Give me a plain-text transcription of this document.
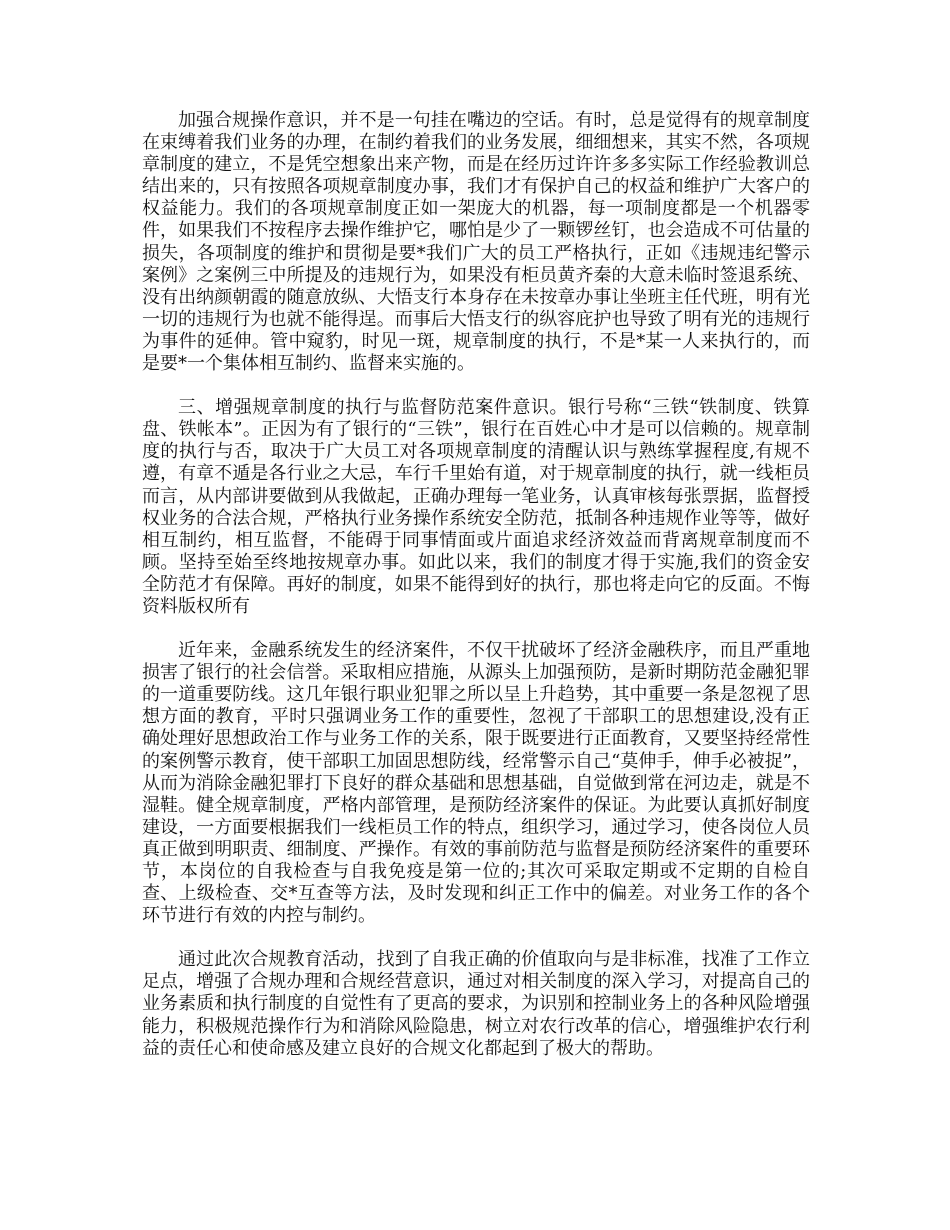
加强合规操作意识，并不是一句挂在嘴边的空话。有时，总是觉得有的规章制度在束缚着我们业务的办理，在制约着我们的业务发展，细细想来，其实不然，各项规章制度的建立，不是凭空想象出来产物，而是在经历过许许多多实际工作经验教训总结出来的，只有按照各项规章制度办事，我们才有保护自己的权益和维护广大客户的权益能力。我们的各项规章制度正如一架庞大的机器，每一项制度都是一个机器零件，如果我们不按程序去操作维护它，哪怕是少了一颗锣丝钉，也会造成不可估量的损失，各项制度的维护和贯彻是要*我们广大的员工严格执行，正如《违规违纪警示案例》之案例三中所提及的违规行为，如果没有柜员黄齐秦的大意未临时签退系统、没有出纳颜朝霞的随意放纵、大悟支行本身存在未按章办事让坐班主任代班，明有光一切的违规行为也就不能得逞。而事后大悟支行的纵容庇护也导致了明有光的违规行为事件的延伸。管中窥豹，时见一斑，规章制度的执行，不是*某一人来执行的，而是要*一个集体相互制约、监督来实施的。

三、增强规章制度的执行与监督防范案件意识。银行号称“三铁“铁制度、铁算盘、铁帐本”。正因为有了银行的“三铁”，银行在百姓心中才是可以信赖的。规章制度的执行与否，取决于广大员工对各项规章制度的清醒认识与熟练掌握程度,有规不遵，有章不遁是各行业之大忌，车行千里始有道，对于规章制度的执行，就一线柜员而言，从内部讲要做到从我做起，正确办理每一笔业务，认真审核每张票据，监督授权业务的合法合规，严格执行业务操作系统安全防范，抵制各种违规作业等等，做好相互制约，相互监督，不能碍于同事情面或片面追求经济效益而背离规章制度而不顾。坚持至始至终地按规章办事。如此以来，我们的制度才得于实施,我们的资金安全防范才有保障。再好的制度，如果不能得到好的执行，那也将走向它的反面。不悔资料版权所有

近年来，金融系统发生的经济案件，不仅干扰破坏了经济金融秩序，而且严重地损害了银行的社会信誉。采取相应措施，从源头上加强预防，是新时期防范金融犯罪的一道重要防线。这几年银行职业犯罪之所以呈上升趋势，其中重要一条是忽视了思想方面的教育，平时只强调业务工作的重要性，忽视了干部职工的思想建设,没有正确处理好思想政治工作与业务工作的关系，限于既要进行正面教育，又要坚持经常性的案例警示教育，使干部职工加固思想防线，经常警示自己“莫伸手，伸手必被捉”，从而为消除金融犯罪打下良好的群众基础和思想基础，自觉做到常在河边走，就是不湿鞋。健全规章制度，严格内部管理，是预防经济案件的保证。为此要认真抓好制度建设，一方面要根据我们一线柜员工作的特点，组织学习，通过学习，使各岗位人员真正做到明职责、细制度、严操作。有效的事前防范与监督是预防经济案件的重要环节，本岗位的自我检查与自我免疫是第一位的;其次可采取定期或不定期的自检自查、上级检查、交*互查等方法，及时发现和纠正工作中的偏差。对业务工作的各个环节进行有效的内控与制约。

通过此次合规教育活动，找到了自我正确的价值取向与是非标准，找准了工作立足点，增强了合规办理和合规经营意识，通过对相关制度的深入学习，对提高自己的业务素质和执行制度的自觉性有了更高的要求，为识别和控制业务上的各种风险增强能力，积极规范操作行为和消除风险隐患，树立对农行改革的信心，增强维护农行利益的责任心和使命感及建立良好的合规文化都起到了极大的帮助。
